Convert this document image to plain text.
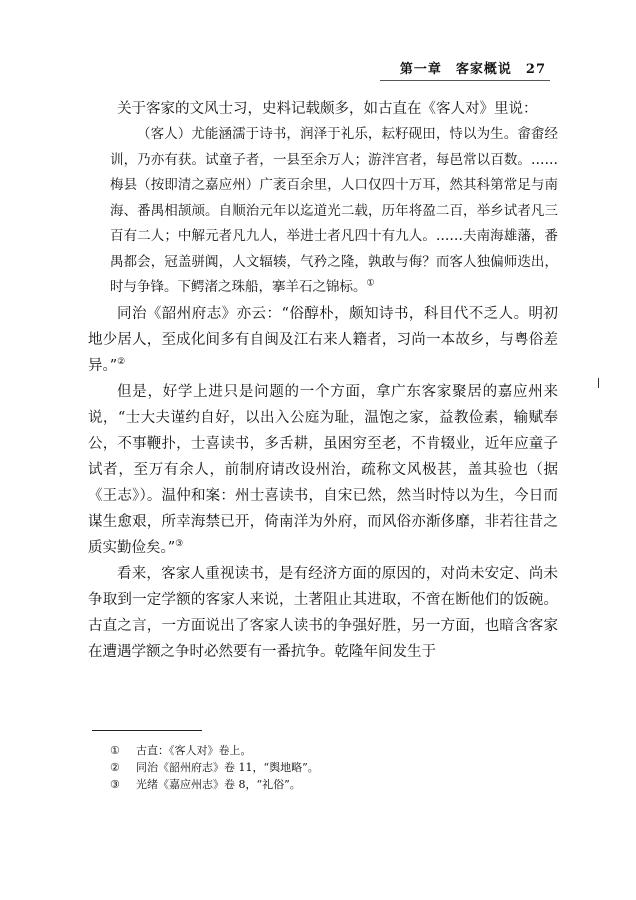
第一章 客家概说 27

关于客家的文风士习，史料记载颇多，如古直在《客人对》里说：

（客人）尤能涵濡于诗书，润泽于礼乐，耘籽砚田，恃以为生。畲畬经训，乃亦有获。试童子者，一县至余万人；游泮宫者，每邑常以百数。……梅县（按即清之嘉应州）广袤百余里，人口仅四十万耳，然其科第常足与南海、番禺相颉颃。自顺治元年以迄道光二载，历年将盈二百，举乡试者凡三百有二人；中解元者凡九人，举进士者凡四十有九人。……夫南海雄藩，番禺都会，冠盖骈阗，人文辐辏，气矜之隆，孰敢与侮？而客人独偏师迭出，时与争锋。下鳄渚之珠船，搴羊石之锦标。①

同治《韶州府志》亦云：“俗醇朴，颇知诗书，科目代不乏人。明初地少居人，至成化间多有自闽及江右来人籍者，习尚一本故乡，与粤俗差异。”②

但是，好学上进只是问题的一个方面，拿广东客家聚居的嘉应州来说，“士大夫谨约自好，以出入公庭为耻，温饱之家，益教俭素，输赋奉公，不事鞭扑，士喜读书，多舌耕，虽困穷至老，不肯辍业，近年应童子试者，至万有余人，前制府请改设州治，疏称文风极甚，盖其验也（据《王志》）。温仲和案：州士喜读书，自宋已然，然当时恃以为生，今日而谋生愈艰，所幸海禁已开，倚南洋为外府，而风俗亦渐侈靡，非若往昔之质实勤俭矣。”③

看来，客家人重视读书，是有经济方面的原因的，对尚未安定、尚未争取到一定学额的客家人来说，土著阻止其进取，不啻在断他们的饭碗。古直之言，一方面说出了客家人读书的争强好胜，另一方面，也暗含客家在遭遇学额之争时必然要有一番抗争。乾隆年间发生于

① 古直：《客人对》卷上。
② 同治《韶州府志》卷 11，“舆地略”。
③ 光绪《嘉应州志》卷 8，“礼俗”。
